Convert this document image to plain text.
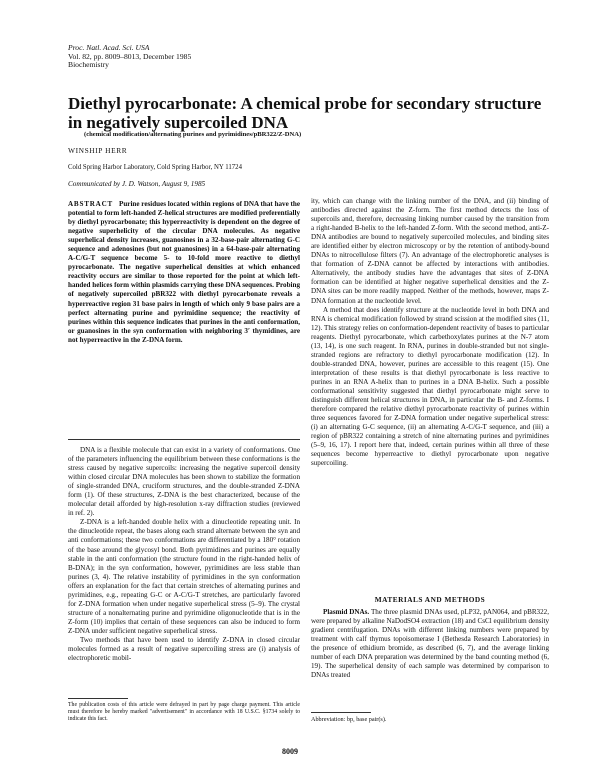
Proc. Natl. Acad. Sci. USA
Vol. 82, pp. 8009–8013, December 1985
Biochemistry
Diethyl pyrocarbonate: A chemical probe for secondary structure in negatively supercoiled DNA
(chemical modification/alternating purines and pyrimidines/pBR322/Z-DNA)
WINSHIP HERR
Cold Spring Harbor Laboratory, Cold Spring Harbor, NY 11724
Communicated by J. D. Watson, August 9, 1985

ABSTRACT Purine residues located within regions of DNA that have the potential to form left-handed Z-helical structures are modified preferentially by diethyl pyrocarbonate; this hyperreactivity is dependent on the degree of negative superhelicity of the circular DNA molecules. As negative superhelical density increases, guanosines in a 32-base-pair alternating G-C sequence and adenosines (but not guanosines) in a 64-base-pair alternating A-C/G-T sequence become 5- to 10-fold more reactive to diethyl pyrocarbonate. The negative superhelical densities at which enhanced reactivity occurs are similar to those reported for the point at which left-handed helices form within plasmids carrying these DNA sequences. Probing of negatively supercoiled pBR322 with diethyl pyrocarbonate reveals a hyperreactive region 31 base pairs in length of which only 9 base pairs are a perfect alternating purine and pyrimidine sequence; the reactivity of purines within this sequence indicates that purines in the anti conformation, or guanosines in the syn conformation with neighboring 3′ thymidines, are not hyperreactive in the Z-DNA form.

DNA is a flexible molecule that can exist in a variety of conformations. One of the parameters influencing the equilibrium between these conformations is the stress caused by negative supercoils: increasing the negative supercoil density within closed circular DNA molecules has been shown to stabilize the formation of single-stranded DNA, cruciform structures, and the double-stranded Z-DNA form (1). Of these structures, Z-DNA is the best characterized, because of the molecular detail afforded by high-resolution x-ray diffraction studies (reviewed in ref. 2).

Z-DNA is a left-handed double helix with a dinucleotide repeating unit. In the dinucleotide repeat, the bases along each strand alternate between the syn and anti conformations; these two conformations are differentiated by a 180° rotation of the base around the glycosyl bond. Both pyrimidines and purines are equally stable in the anti conformation (the structure found in the right-handed helix of B-DNA); in the syn conformation, however, pyrimidines are less stable than purines (3, 4). The relative instability of pyrimidines in the syn conformation offers an explanation for the fact that certain stretches of alternating purines and pyrimidines, e.g., repeating G-C or A-C/G-T stretches, are particularly favored for Z-DNA formation when under negative superhelical stress (5–9). The crystal structure of a nonalternating purine and pyrimidine oligonucleotide that is in the Z-form (10) implies that certain of these sequences can also be induced to form Z-DNA under sufficient negative superhelical stress.

Two methods that have been used to identify Z-DNA in closed circular molecules formed as a result of negative supercoiling stress are (i) analysis of electrophoretic mobil-

ity, which can change with the linking number of the DNA, and (ii) binding of antibodies directed against the Z-form. The first method detects the loss of supercoils and, therefore, decreasing linking number caused by the transition from a right-handed B-helix to the left-handed Z-form. With the second method, anti-Z-DNA antibodies are bound to negatively supercoiled molecules, and binding sites are identified either by electron microscopy or by the retention of antibody-bound DNAs to nitrocellulose filters (7). An advantage of the electrophoretic analyses is that formation of Z-DNA cannot be affected by interactions with antibodies. Alternatively, the antibody studies have the advantages that sites of Z-DNA formation can be identified at higher negative superhelical densities and the Z-DNA sites can be more readily mapped. Neither of the methods, however, maps Z-DNA formation at the nucleotide level.

A method that does identify structure at the nucleotide level in both DNA and RNA is chemical modification followed by strand scission at the modified sites (11, 12). This strategy relies on conformation-dependent reactivity of bases to particular reagents. Diethyl pyrocarbonate, which carbethoxylates purines at the N-7 atom (13, 14), is one such reagent. In RNA, purines in double-stranded but not single-stranded regions are refractory to diethyl pyrocarbonate modification (12). In double-stranded DNA, however, purines are accessible to this reagent (15). One interpretation of these results is that diethyl pyrocarbonate is less reactive to purines in an RNA A-helix than to purines in a DNA B-helix. Such a possible conformational sensitivity suggested that diethyl pyrocarbonate might serve to distinguish different helical structures in DNA, in particular the B- and Z-forms. I therefore compared the relative diethyl pyrocarbonate reactivity of purines within three sequences favored for Z-DNA formation under negative superhelical stress: (i) an alternating G-C sequence, (ii) an alternating A-C/G-T sequence, and (iii) a region of pBR322 containing a stretch of nine alternating purines and pyrimidines (5–9, 16, 17). I report here that, indeed, certain purines within all three of these sequences become hyperreactive to diethyl pyrocarbonate upon negative supercoiling.

MATERIALS AND METHODS

Plasmid DNAs. The three plasmid DNAs used, pLP32, pAN064, and pBR322, were prepared by alkaline NaDodSO4 extraction (18) and CsCl equilibrium density gradient centrifugation. DNAs with different linking numbers were prepared by treatment with calf thymus topoisomerase I (Bethesda Research Laboratories) in the presence of ethidium bromide, as described (6, 7), and the average linking number of each DNA preparation was determined by the band counting method (6, 19). The superhelical density of each sample was determined by comparison to DNAs treated

The publication costs of this article were defrayed in part by page charge payment. This article must therefore be hereby marked "advertisement" in accordance with 18 U.S.C. §1734 solely to indicate this fact.	Abbreviation: bp, base pair(s).
8009
